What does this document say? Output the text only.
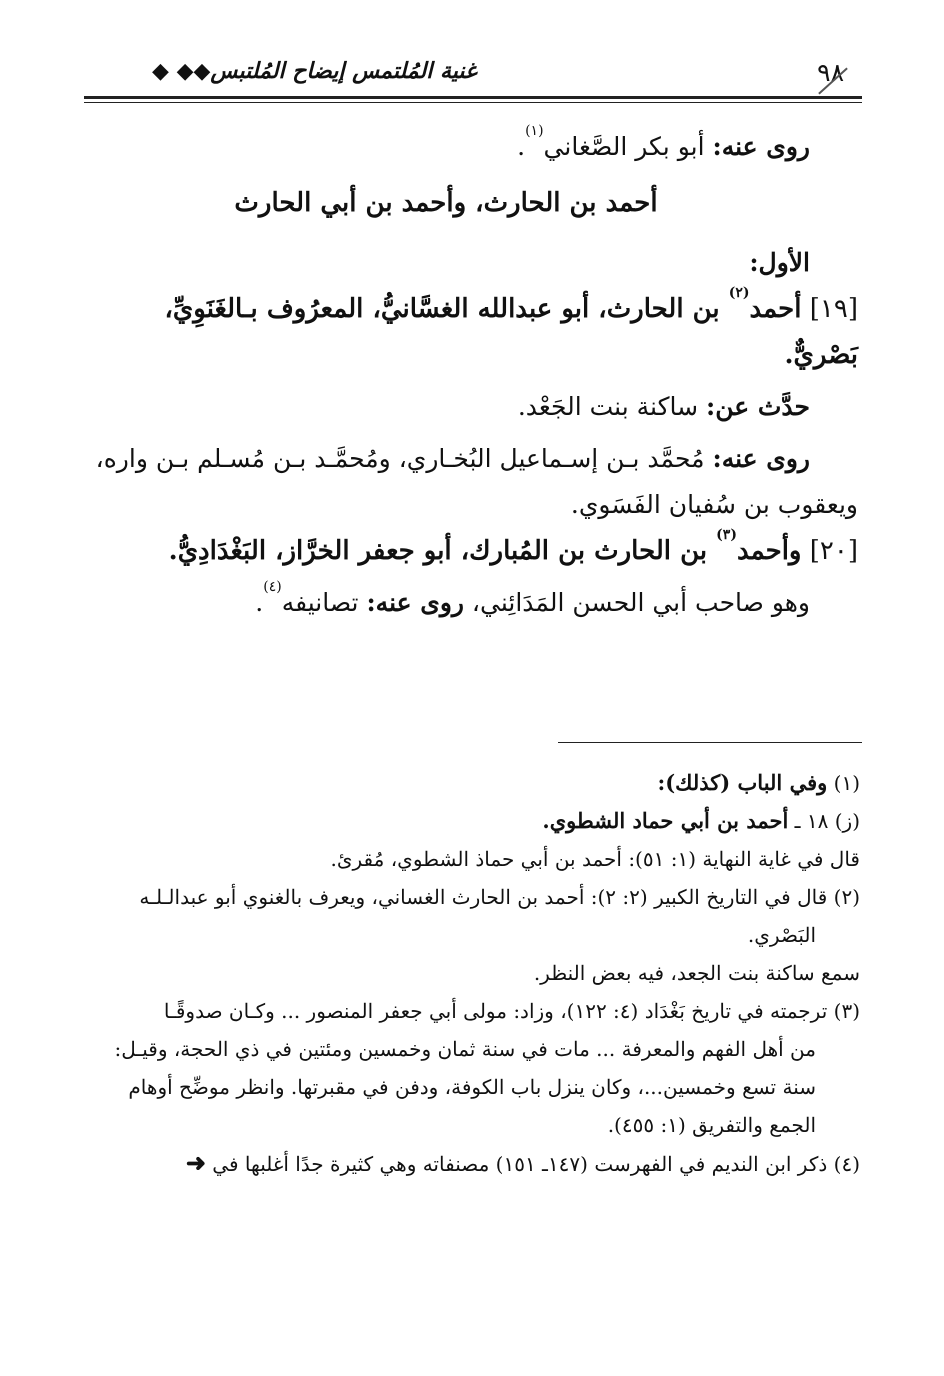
٩٨
غنية المُلتمس إيضاح المُلتبس◆◆ ◆

روى عنه: أبو بكر الصَّغاني$^{(١)}$.

أحمد بن الحارث، وأحمد بن أبي الحارث

الأول:

[١٩] أحمد$^{(٢)}$ بن الحارث، أبو عبدالله الغسَّانيُّ، المعرُوف بـالغَنَوِيِّ،

بَصْريٌّ.

حدَّث عن: ساكنة بنت الجَعْد.

روى عنه: مُحمَّد بـن إسـماعيل البُخـاري، ومُحمَّـد بـن مُسـلم بـن واره،

ويعقوب بن سُفيان الفَسَوي.

[٢٠] وأحمد$^{(٣)}$ بن الحارث بن المُبارك، أبو جعفر الخرَّاز، البَغْدَادِيُّ.

وهو صاحب أبي الحسن المَدَائِني، روى عنه: تصانيفه$^{(٤)}$.

(١) وفي الباب (كذلك):

(ز) ١٨ ـ أحمد بن أبي حماد الشطوي.

قال في غاية النهاية (١: ٥١): أحمد بن أبي حماذ الشطوي، مُقرئ.

(٢) قال في التاريخ الكبير (٢: ٢): أحمد بن الحارث الغساني، ويعرف بالغنوي أبو عبدالـلـه

البَصْري.

سمع ساكنة بنت الجعد، فيه بعض النظر.

(٣) ترجمته في تاريخ بَغْدَاد (٤: ١٢٢)، وزاد: مولى أبي جعفر المنصور ... وكـان صدوقًـا

من أهل الفهم والمعرفة ... مات في سنة ثمان وخمسين ومئتين في ذي الحجة، وقيـل:

سنة تسع وخمسين...، وكان ينزل باب الكوفة، ودفن في مقبرتها. وانظر موضِّح أوهام

الجمع والتفريق (١: ٤٥٥).

(٤) ذكر ابن النديم في الفهرست (١٤٧ـ ١٥١) مصنفاته وهي كثيرة جدًا أغلبها في ➜
